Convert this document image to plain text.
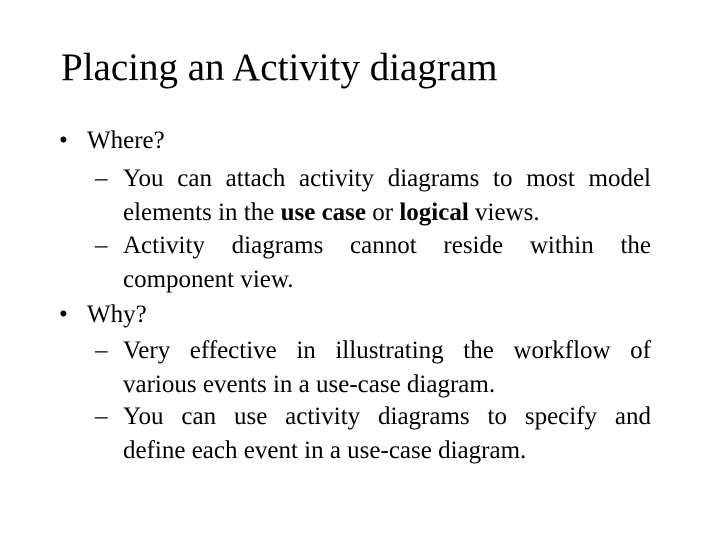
Placing an Activity diagram
• Where?
– You can attach activity diagrams to most model elements in the use case or logical views.
– Activity diagrams cannot reside within the
component view.
• Why?
– Very effective in illustrating the workflow of
various events in a use-case diagram.
– You can use activity diagrams to specify and
define each event in a use-case diagram.
